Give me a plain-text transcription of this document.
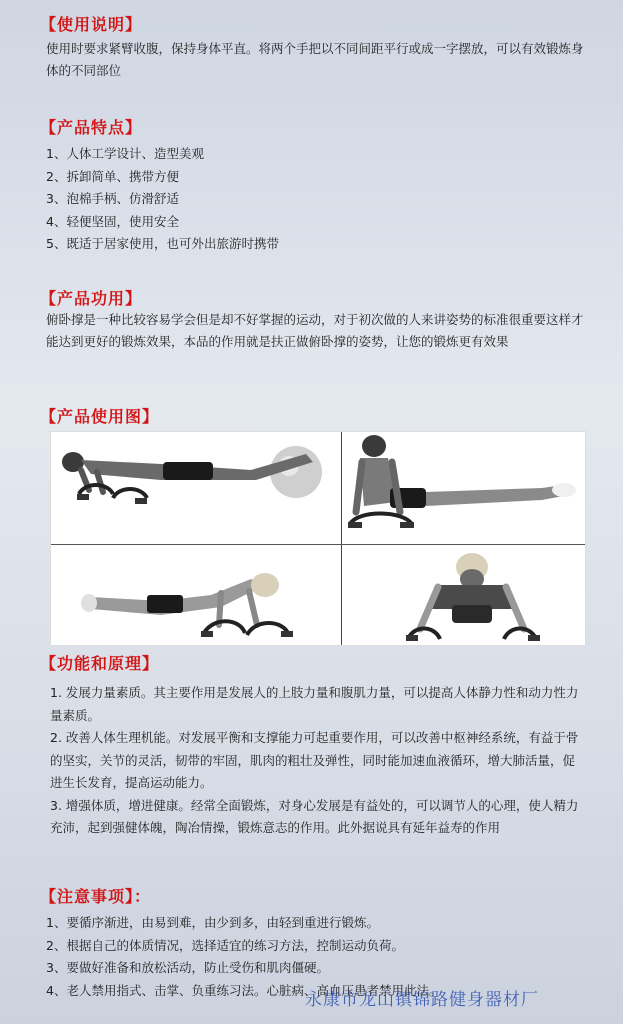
【使用说明】
使用时要求紧臂收腹，保持身体平直。将两个手把以不同间距平行或成一字摆放，可以有效锻炼身体的不同部位
【产品特点】
1、人体工学设计、造型美观
2、拆卸简单、携带方便
3、泡棉手柄、仿滑舒适
4、轻便坚固，使用安全
5、既适于居家使用，也可外出旅游时携带
【产品功用】
俯卧撑是一种比较容易学会但是却不好掌握的运动，对于初次做的人来讲姿势的标准很重要这样才能达到更好的锻炼效果，本品的作用就是扶正做俯卧撑的姿势，让您的锻炼更有效果
【产品使用图】
【功能和原理】
1. 发展力量素质。其主要作用是发展人的上肢力量和腹肌力量，可以提高人体静力性和动力性力量素质。
2. 改善人体生理机能。对发展平衡和支撑能力可起重要作用，可以改善中枢神经系统，有益于骨的坚实，关节的灵活，韧带的牢固，肌肉的粗壮及弹性，同时能加速血液循环，增大肺活量，促进生长发育，提高运动能力。
3. 增强体质，增进健康。经常全面锻炼，对身心发展是有益处的，可以调节人的心理，使人精力充沛，起到强健体魄，陶冶情操，锻炼意志的作用。此外据说具有延年益寿的作用
【注意事项】：
1、要循序渐进，由易到难，由少到多，由轻到重进行锻炼。
2、根据自己的体质情况，选择适宜的练习方法，控制运动负荷。
3、要做好准备和放松活动，防止受伤和肌肉僵硬。
4、老人禁用指式、击掌、负重练习法。心脏病、高血压患者禁用此法。
永康市龙山镇锦路健身器材厂
